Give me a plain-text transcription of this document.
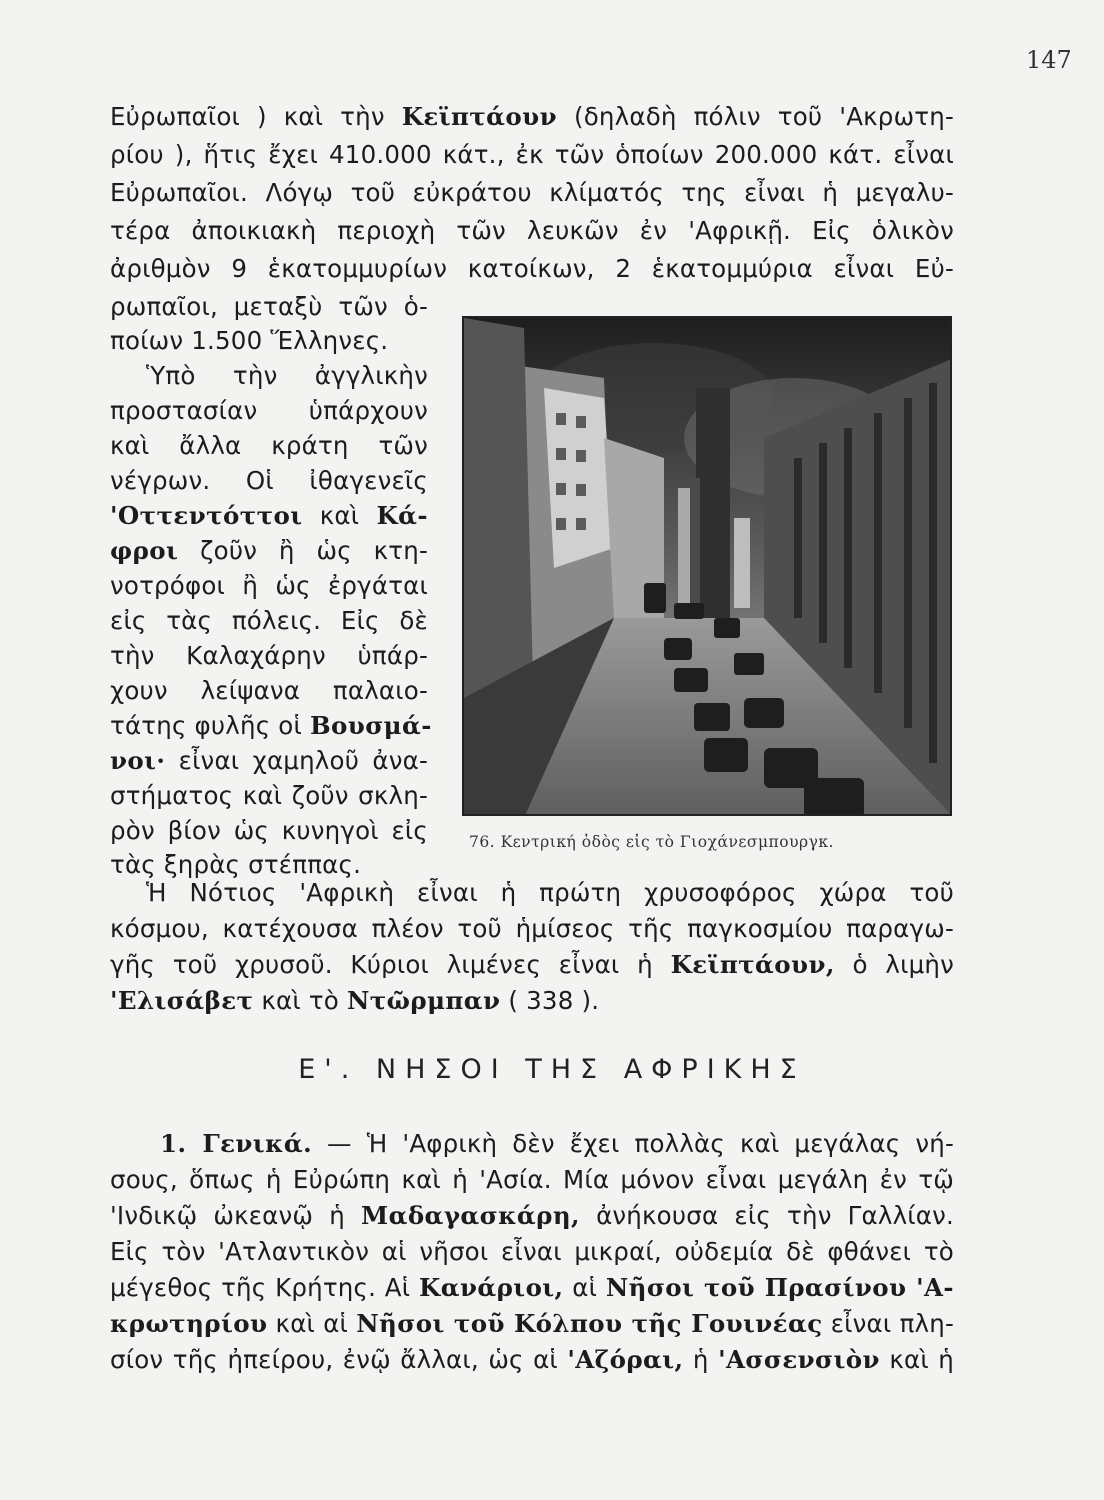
147
Εὐρωπαῖοι ) καὶ τὴν Κεϊπτάουν (δηλαδὴ πόλιν τοῦ 'Ακρωτη-
ρίου ), ἥτις ἔχει 410.000 κάτ., ἐκ τῶν ὁποίων 200.000 κάτ. εἶναι
Εὐρωπαῖοι. Λόγῳ τοῦ εὐκράτου κλίματός της εἶναι ἡ μεγαλυ-
τέρα ἀποικιακὴ περιοχὴ τῶν λευκῶν ἐν 'Αφρικῇ. Εἰς ὁλικὸν
ἀριθμὸν 9 ἑκατομμυρίων κατοίκων, 2 ἑκατομμύρια εἶναι Εὐ-
ρωπαῖοι, μεταξὺ τῶν ὁ-
ποίων 1.500 Ἕλληνες.
Ὑπὸ τὴν ἀγγλικὴν
προστασίαν ὑπάρχουν
καὶ ἄλλα κράτη τῶν
νέγρων. Οἱ ἰθαγενεῖς
'Οττεντόττοι καὶ Κά-
φροι ζοῦν ἢ ὡς κτη-
νοτρόφοι ἢ ὡς ἐργάται
εἰς τὰς πόλεις. Εἰς δὲ
τὴν Καλαχάρην ὑπάρ-
χουν λείψανα παλαιο-
τάτης φυλῆς οἱ Βουσμά-
νοι· εἶναι χαμηλοῦ ἀνα-
στήματος καὶ ζοῦν σκλη-
ρὸν βίον ὡς κυνηγοὶ εἰς
τὰς ξηρὰς στέππας.
76. Κεντρική ὁδὸς εἰς τὸ Γιοχάνεσμπουργκ.
Ἡ Νότιος 'Αφρικὴ εἶναι ἡ πρώτη χρυσοφόρος χώρα τοῦ
κόσμου, κατέχουσα πλέον τοῦ ἡμίσεος τῆς παγκοσμίου παραγω-
γῆς τοῦ χρυσοῦ. Κύριοι λιμένες εἶναι ἡ Κεϊπτάουν, ὁ λιμὴν
'Ελισάβετ καὶ τὸ Ντῶρμπαν ( 338 ).
Ε'. ΝΗΣΟΙ ΤΗΣ ΑΦΡΙΚΗΣ
1. Γενικά. — Ἡ 'Αφρικὴ δὲν ἔχει πολλὰς καὶ μεγάλας νή-
σους, ὅπως ἡ Εὐρώπη καὶ ἡ 'Ασία. Μία μόνον εἶναι μεγάλη ἐν τῷ
'Ινδικῷ ὠκεανῷ ἡ Μαδαγασκάρη, ἀνήκουσα εἰς τὴν Γαλλίαν.
Εἰς τὸν 'Ατλαντικὸν αἱ νῆσοι εἶναι μικραί, οὐδεμία δὲ φθάνει τὸ
μέγεθος τῆς Κρήτης. Αἱ Κανάριοι, αἱ Νῆσοι τοῦ Πρασίνου 'Α-
κρωτηρίου καὶ αἱ Νῆσοι τοῦ Κόλπου τῆς Γουινέας εἶναι πλη-
σίον τῆς ἠπείρου, ἐνῷ ἄλλαι, ὡς αἱ 'Αζόραι, ἡ 'Ασσενσιὸν καὶ ἡ
